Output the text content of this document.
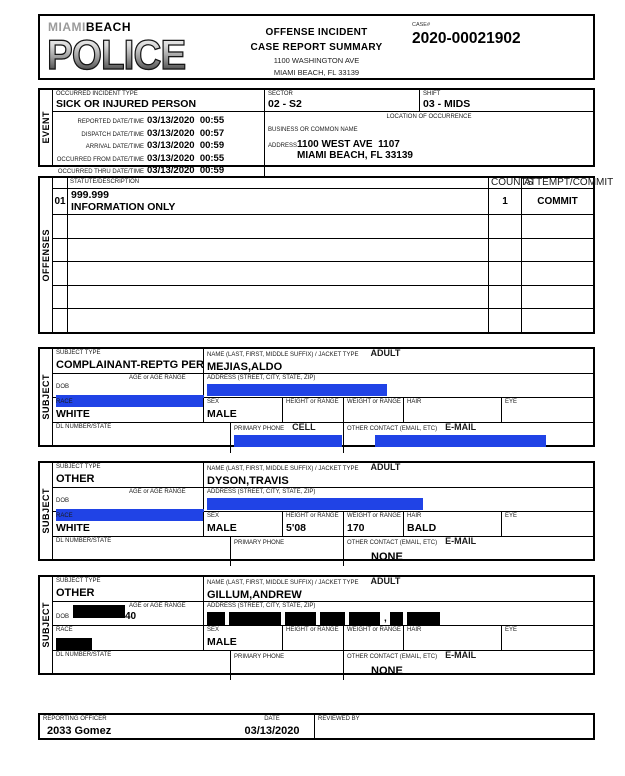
MIAMIBEACH
POLICE	OFFENSE INCIDENT
CASE REPORT SUMMARY
1100 WASHINGTON AVE
MIAMI BEACH, FL 33139
CASE#
2020-00021902
EVENT
OCCURRED INCIDENT TYPE
SICK OR INJURED PERSON
SECTOR
02 - S2
SHIFT
03 - MIDS
REPORTED DATE/TIME 03/13/2020  00:55
DISPATCH DATE/TIME 03/13/2020  00:57
ARRIVAL DATE/TIME 03/13/2020  00:59
OCCURRED FROM DATE/TIME 03/13/2020  00:55
OCCURRED THRU DATE/TIME 03/13/2020  00:59
LOCATION OF OCCURRENCE
BUSINESS OR COMMON NAME
ADDRESS 1100 WEST AVE  1107
MIAMI BEACH, FL 33139
OFFENSES
STATUTE/DESCRIPTION	COUNTS
ATTEMPT/COMMIT
01
999.999
INFORMATION ONLY	1	COMMIT
SUBJECT
SUBJECT TYPE
COMPLAINANT-REPTG PER
NAME (LAST, FIRST, MIDDLE SUFFIX) / JACKET TYPE ADULT
MEJIAS,ALDO
DOB
AGE or AGE RANGE	ADDRESS (STREET, CITY, STATE, ZIP)
RACE
WHITE
SEX
MALE
HEIGHT or RANGE WEIGHT or RANGE HAIR	EYE
DL NUMBER/STATE	PRIMARY PHONE CELL	OTHER CONTACT (EMAIL, ETC) E-MAIL

SUBJECT
SUBJECT TYPE
OTHER
NAME (LAST, FIRST, MIDDLE SUFFIX) / JACKET TYPE ADULT
DYSON,TRAVIS
DOB
AGE or AGE RANGE	ADDRESS (STREET, CITY, STATE, ZIP)
RACE
WHITE
SEX
MALE
HEIGHT or RANGE
5'08
WEIGHT or RANGE
170
HAIR
BALD
EYE
DL NUMBER/STATE	PRIMARY PHONE	OTHER CONTACT (EMAIL, ETC) E-MAIL
NONE
SUBJECT
SUBJECT TYPE
OTHER
NAME (LAST, FIRST, MIDDLE SUFFIX) / JACKET TYPE ADULT
GILLUM,ANDREW
DOB
AGE or AGE RANGE
40
ADDRESS (STREET, CITY, STATE, ZIP)
,
RACE	SEX
MALE
HEIGHT or RANGE WEIGHT or RANGE HAIR	EYE
DL NUMBER/STATE	PRIMARY PHONE	OTHER CONTACT (EMAIL, ETC) E-MAIL
NONE
REPORTING OFFICER
2033 Gomez
DATE
03/13/2020
REVIEWED BY
